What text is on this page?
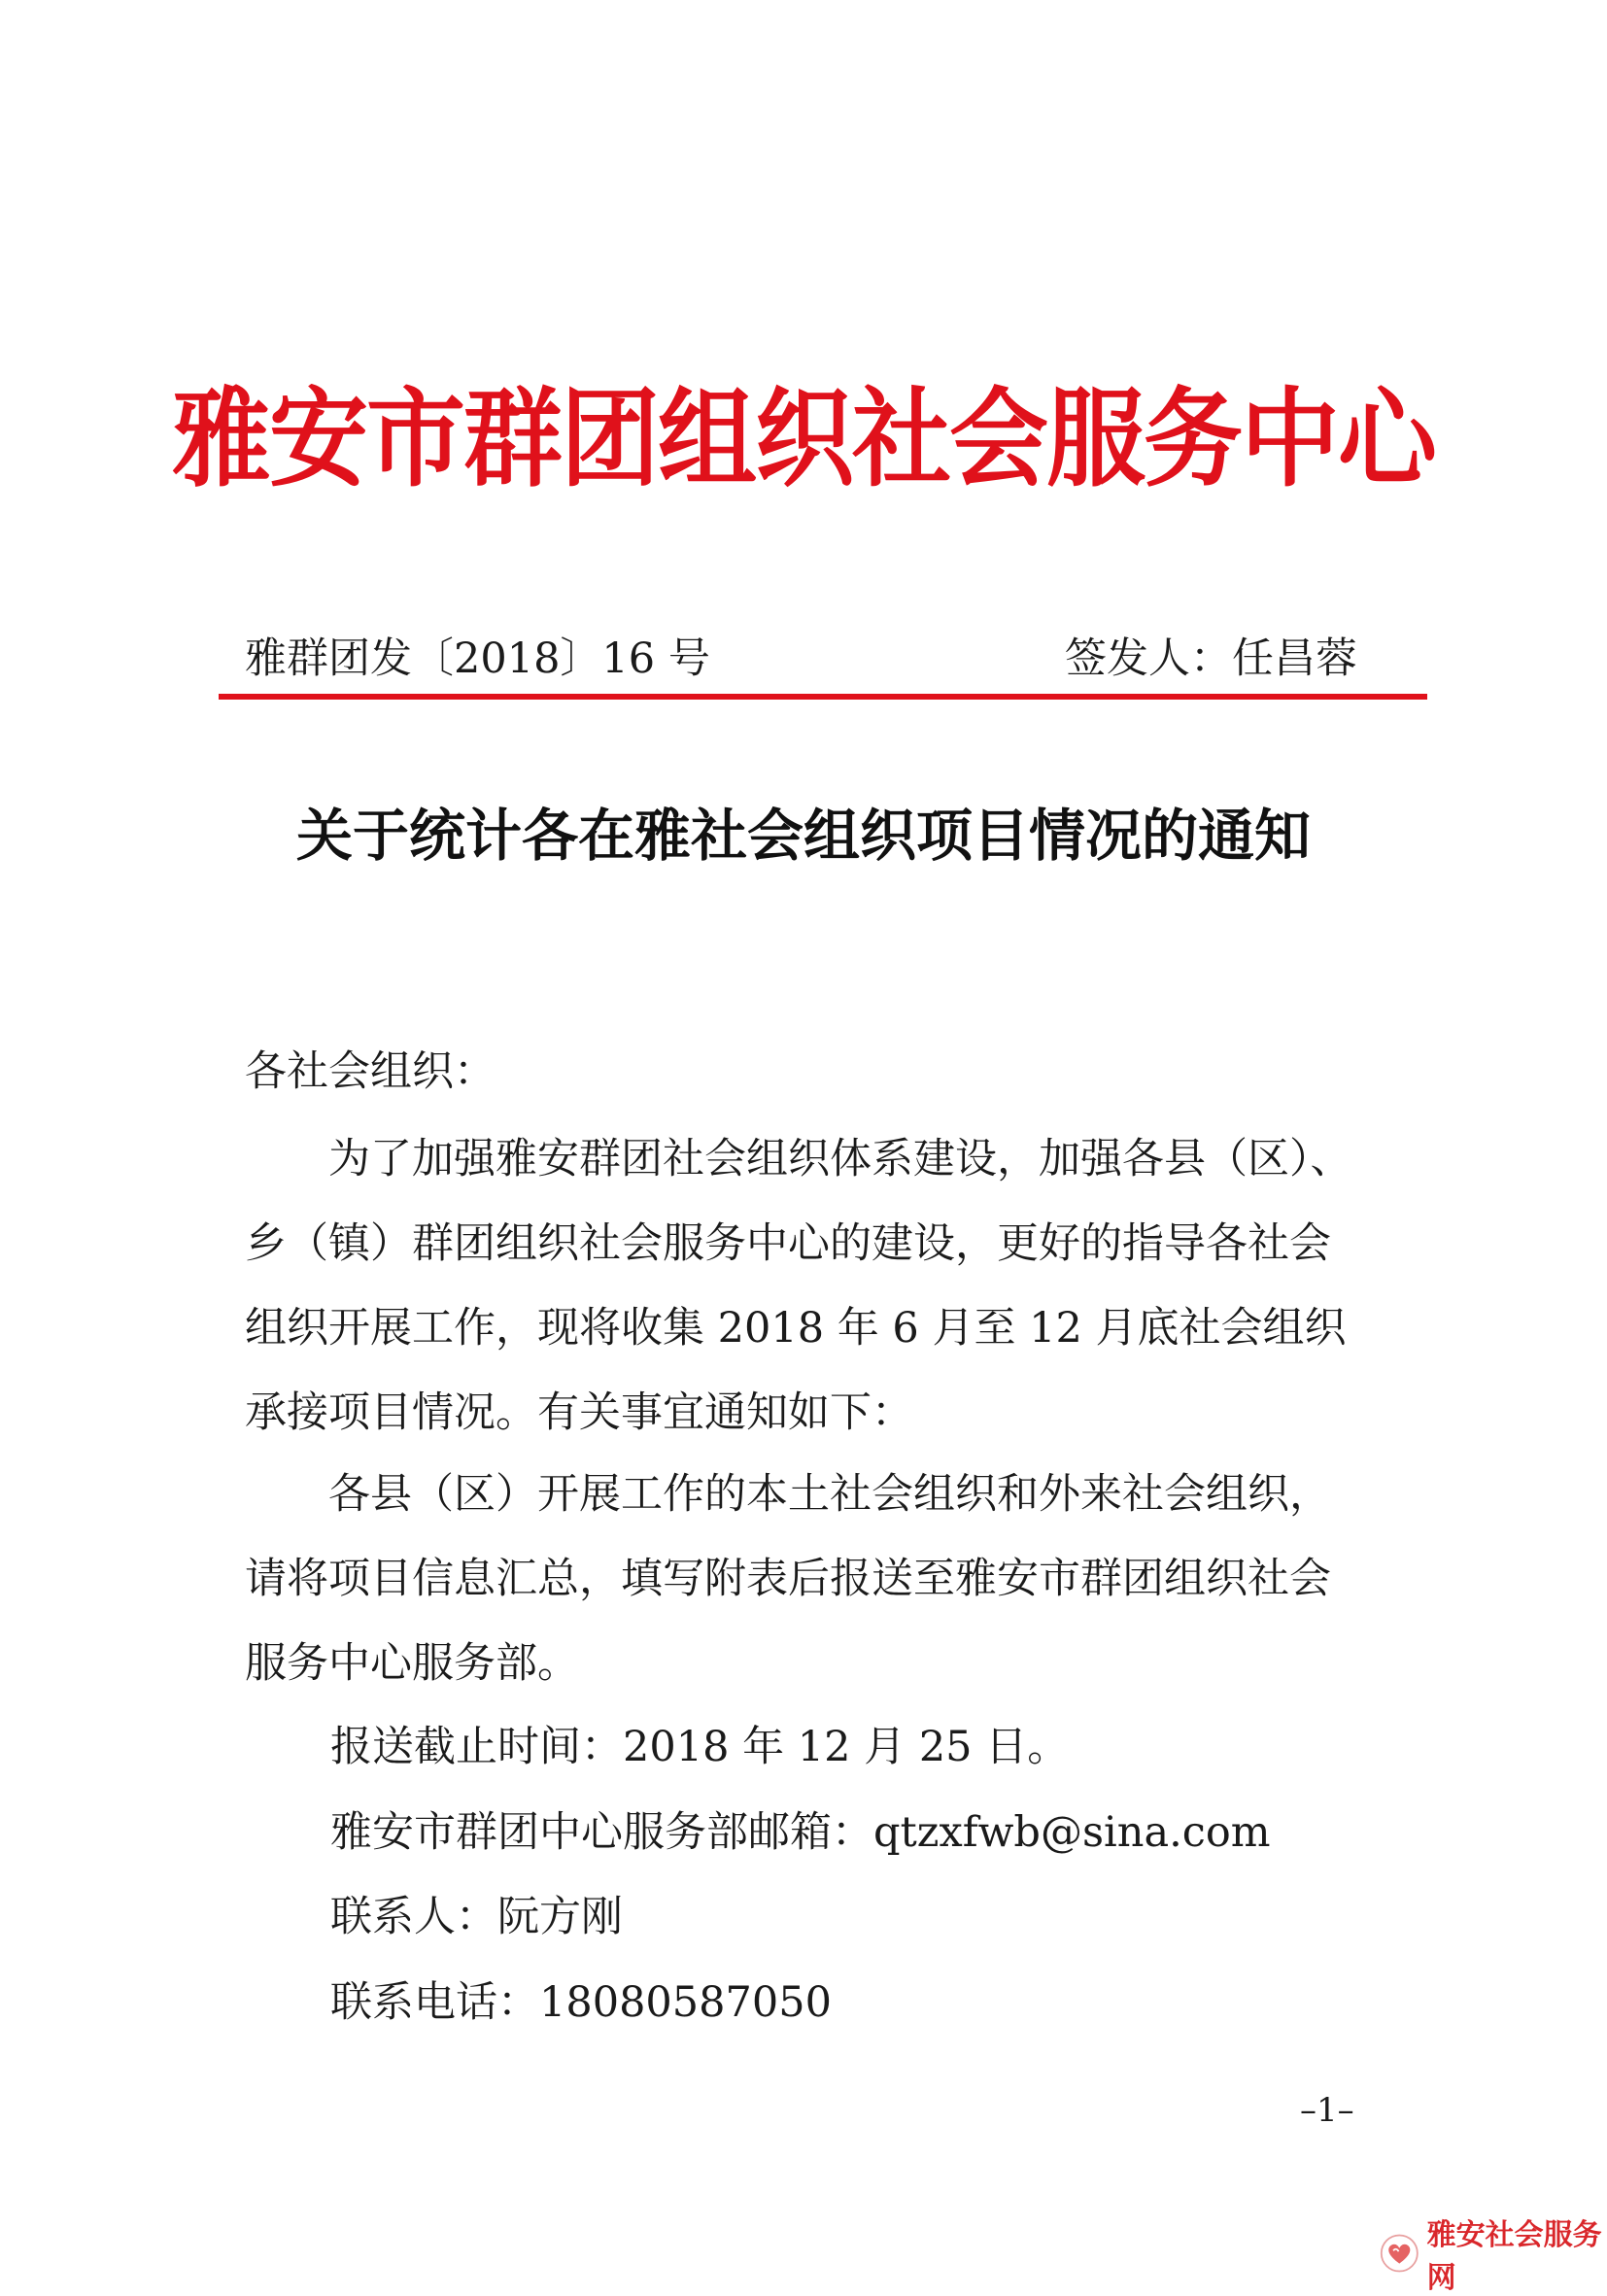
雅安市群团组织社会服务中心
雅群团发〔2018〕16 号	签发人：任昌蓉
关于统计各在雅社会组织项目情况的通知
各社会组织：
为了加强雅安群团社会组织体系建设，加强各县（区）、乡（镇）群团组织社会服务中心的建设，更好的指导各社会组织开展工作，现将收集 2018 年 6 月至 12 月底社会组织承接项目情况。有关事宜通知如下：
各县（区）开展工作的本土社会组织和外来社会组织，请将项目信息汇总，填写附表后报送至雅安市群团组织社会服务中心服务部。
报送截止时间：2018 年 12 月 25 日。
雅安市群团中心服务部邮箱：qtzxfwb@sina.com
联系人：阮方刚
联系电话：18080587050
–1–
雅安社会服务网
